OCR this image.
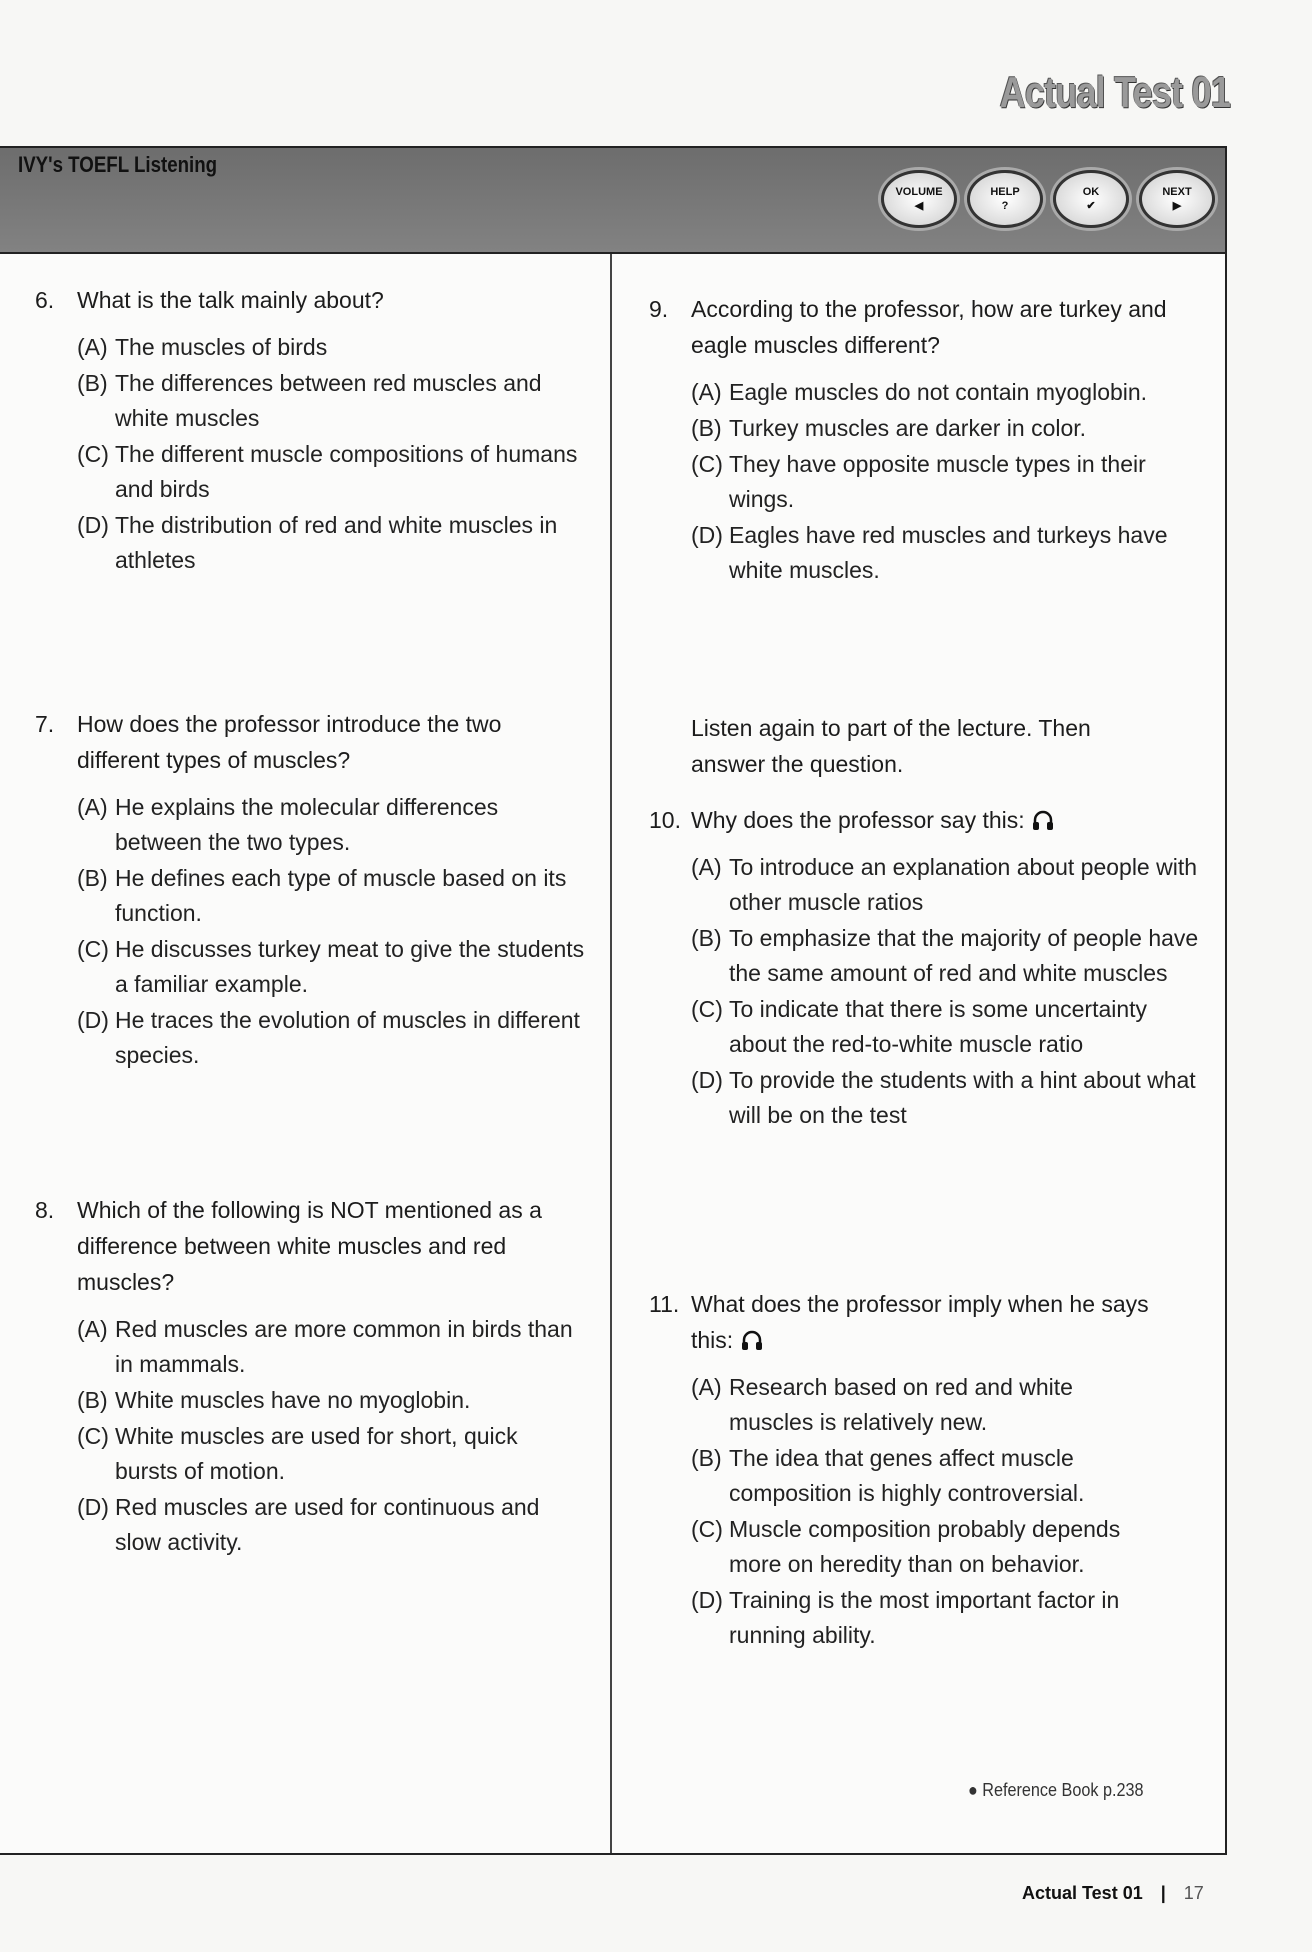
Actual Test 01
IVY's TOEFL Listening
VOLUME
◀
HELP
?
OK
✔
NEXT
▶
6. What is the talk mainly about?
(A) The muscles of birds
(B) The differences between red muscles and white muscles
(C) The different muscle compositions of humans and birds
(D) The distribution of red and white muscles in athletes
7. How does the professor introduce the two different types of muscles?
(A) He explains the molecular differences between the two types.
(B) He defines each type of muscle based on its function.
(C) He discusses turkey meat to give the students a familiar example.
(D) He traces the evolution of muscles in different species.
8. Which of the following is NOT mentioned as a difference between white muscles and red muscles?
(A) Red muscles are more common in birds than in mammals.
(B) White muscles have no myoglobin.
(C) White muscles are used for short, quick bursts of motion.
(D) Red muscles are used for continuous and slow activity.
9. According to the professor, how are turkey and eagle muscles different?
(A) Eagle muscles do not contain myoglobin.
(B) Turkey muscles are darker in color.
(C) They have opposite muscle types in their wings.
(D) Eagles have red muscles and turkeys have white muscles.
Listen again to part of the lecture. Then answer the question.
10. Why does the professor say this:
(A) To introduce an explanation about people with other muscle ratios
(B) To emphasize that the majority of people have the same amount of red and white muscles
(C) To indicate that there is some uncertainty about the red-to-white muscle ratio
(D) To provide the students with a hint about what will be on the test
11. What does the professor imply when he says this:
(A) Research based on red and white muscles is relatively new.
(B) The idea that genes affect muscle composition is highly controversial.
(C) Muscle composition probably depends more on heredity than on behavior.
(D) Training is the most important factor in running ability.
● Reference Book p.238
Actual Test 01 | 17
